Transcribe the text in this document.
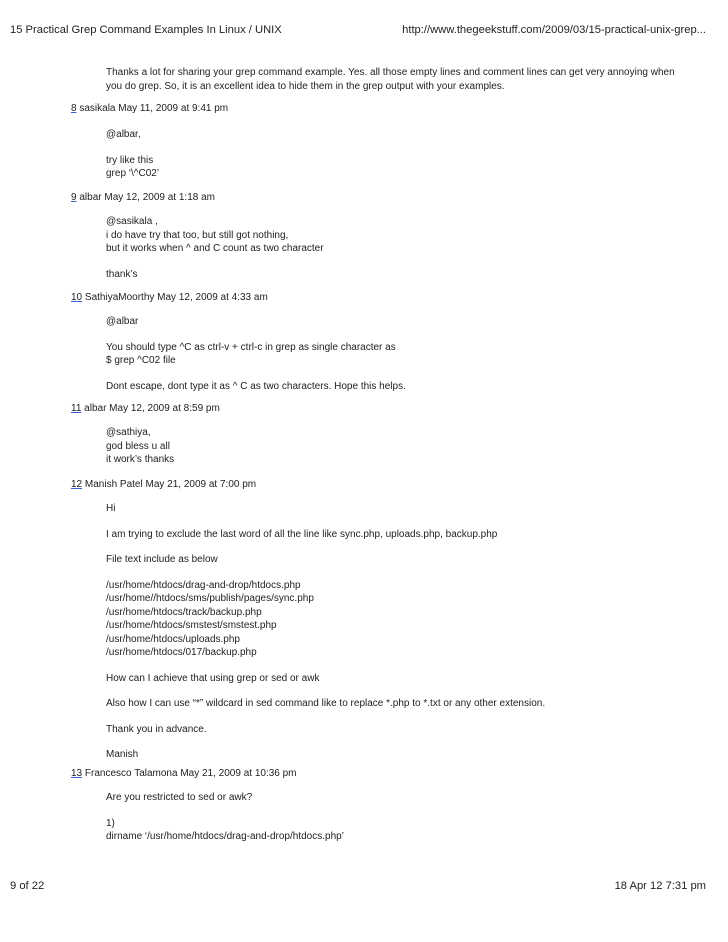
15 Practical Grep Command Examples In Linux / UNIX	http://www.thegeekstuff.com/2009/03/15-practical-unix-grep...

Thanks a lot for sharing your grep command example. Yes. all those empty lines and comment lines can get very annoying when
you do grep. So, it is an excellent idea to hide them in the grep output with your examples.

8 sasikala May 11, 2009 at 9:41 pm

@albar,

try like this
grep ‘\^C02’

9 albar May 12, 2009 at 1:18 am

@sasikala ,
i do have try that too, but still got nothing,
but it works when ^ and C count as two character

thank’s

10 SathiyaMoorthy May 12, 2009 at 4:33 am

@albar

You should type ^C as ctrl-v + ctrl-c in grep as single character as
$ grep ^C02 file

Dont escape, dont type it as ^ C as two characters. Hope this helps.

11 albar May 12, 2009 at 8:59 pm

@sathiya,
god bless u all
it work’s thanks

12 Manish Patel May 21, 2009 at 7:00 pm

Hi

I am trying to exclude the last word of all the line like sync.php, uploads.php, backup.php

File text include as below

/usr/home/htdocs/drag-and-drop/htdocs.php
/usr/home//htdocs/sms/publish/pages/sync.php
/usr/home/htdocs/track/backup.php
/usr/home/htdocs/smstest/smstest.php
/usr/home/htdocs/uploads.php
/usr/home/htdocs/017/backup.php

How can I achieve that using grep or sed or awk

Also how I can use “*” wildcard in sed command like to replace *.php to *.txt or any other extension.

Thank you in advance.

Manish

13 Francesco Talamona May 21, 2009 at 10:36 pm

Are you restricted to sed or awk?

1)
dirname ‘/usr/home/htdocs/drag-and-drop/htdocs.php’

9 of 22	18 Apr 12 7:31 pm
